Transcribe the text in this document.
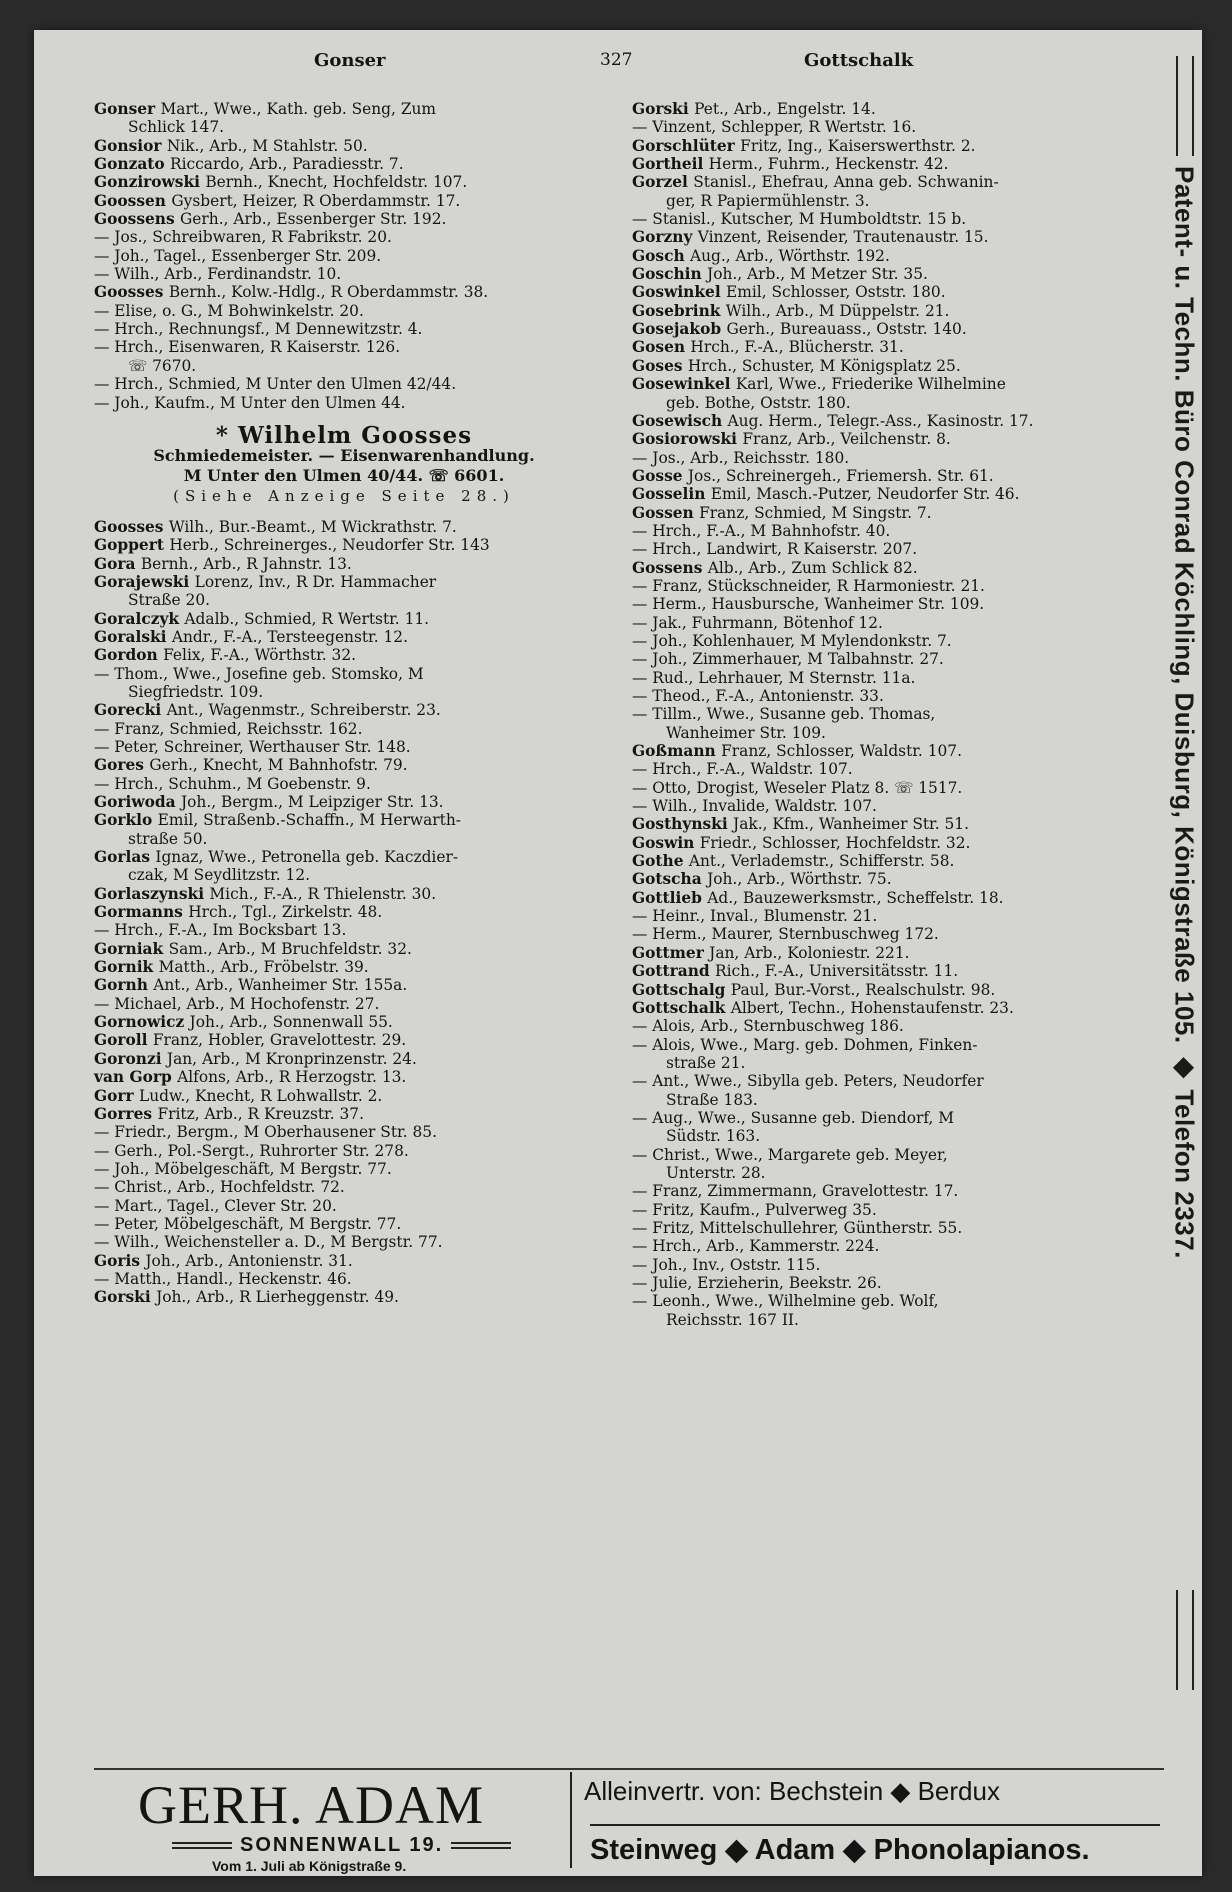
Gonser	327	Gottschalk
Gonser Mart., Wwe., Kath. geb. Seng, Zum
Schlick 147.
Gonsior Nik., Arb., M Stahlstr. 50.
Gonzato Riccardo, Arb., Paradiesstr. 7.
Gonzirowski Bernh., Knecht, Hochfeldstr. 107.
Goossen Gysbert, Heizer, R Oberdammstr. 17.
Goossens Gerh., Arb., Essenberger Str. 192.
— Jos., Schreibwaren, R Fabrikstr. 20.
— Joh., Tagel., Essenberger Str. 209.
— Wilh., Arb., Ferdinandstr. 10.
Goosses Bernh., Kolw.-Hdlg., R Oberdammstr. 38.
— Elise, o. G., M Bohwinkelstr. 20.
— Hrch., Rechnungsf., M Dennewitzstr. 4.
— Hrch., Eisenwaren, R Kaiserstr. 126.
☏ 7670.
— Hrch., Schmied, M Unter den Ulmen 42/44.
— Joh., Kaufm., M Unter den Ulmen 44.
* Wilhelm Goosses
Schmiedemeister. — Eisenwarenhandlung.
M Unter den Ulmen 40/44. ☏ 6601.
(Siehe Anzeige Seite 28.)
Goosses Wilh., Bur.-Beamt., M Wickrathstr. 7.
Goppert Herb., Schreinerges., Neudorfer Str. 143
Gora Bernh., Arb., R Jahnstr. 13.
Gorajewski Lorenz, Inv., R Dr. Hammacher
Straße 20.
Goralczyk Adalb., Schmied, R Wertstr. 11.
Goralski Andr., F.-A., Tersteegenstr. 12.
Gordon Felix, F.-A., Wörthstr. 32.
— Thom., Wwe., Josefine geb. Stomsko, M
Siegfriedstr. 109.
Gorecki Ant., Wagenmstr., Schreiberstr. 23.
— Franz, Schmied, Reichsstr. 162.
— Peter, Schreiner, Werthauser Str. 148.
Gores Gerh., Knecht, M Bahnhofstr. 79.
— Hrch., Schuhm., M Goebenstr. 9.
Goriwoda Joh., Bergm., M Leipziger Str. 13.
Gorklo Emil, Straßenb.-Schaffn., M Herwarth-
straße 50.
Gorlas Ignaz, Wwe., Petronella geb. Kaczdier-
czak, M Seydlitzstr. 12.
Gorlaszynski Mich., F.-A., R Thielenstr. 30.
Gormanns Hrch., Tgl., Zirkelstr. 48.
— Hrch., F.-A., Im Bocksbart 13.
Gorniak Sam., Arb., M Bruchfeldstr. 32.
Gornik Matth., Arb., Fröbelstr. 39.
Gornh Ant., Arb., Wanheimer Str. 155a.
— Michael, Arb., M Hochofenstr. 27.
Gornowicz Joh., Arb., Sonnenwall 55.
Goroll Franz, Hobler, Gravelottestr. 29.
Goronzi Jan, Arb., M Kronprinzenstr. 24.
van Gorp Alfons, Arb., R Herzogstr. 13.
Gorr Ludw., Knecht, R Lohwallstr. 2.
Gorres Fritz, Arb., R Kreuzstr. 37.
— Friedr., Bergm., M Oberhausener Str. 85.
— Gerh., Pol.-Sergt., Ruhrorter Str. 278.
— Joh., Möbelgeschäft, M Bergstr. 77.
— Christ., Arb., Hochfeldstr. 72.
— Mart., Tagel., Clever Str. 20.
— Peter, Möbelgeschäft, M Bergstr. 77.
— Wilh., Weichensteller a. D., M Bergstr. 77.
Goris Joh., Arb., Antonienstr. 31.
— Matth., Handl., Heckenstr. 46.
Gorski Joh., Arb., R Lierheggenstr. 49.
Gorski Pet., Arb., Engelstr. 14.
— Vinzent, Schlepper, R Wertstr. 16.
Gorschlüter Fritz, Ing., Kaiserswerthstr. 2.
Gortheil Herm., Fuhrm., Heckenstr. 42.
Gorzel Stanisl., Ehefrau, Anna geb. Schwanin-
ger, R Papiermühlenstr. 3.
— Stanisl., Kutscher, M Humboldtstr. 15 b.
Gorzny Vinzent, Reisender, Trautenaustr. 15.
Gosch Aug., Arb., Wörthstr. 192.
Goschin Joh., Arb., M Metzer Str. 35.
Goswinkel Emil, Schlosser, Oststr. 180.
Gosebrink Wilh., Arb., M Düppelstr. 21.
Gosejakob Gerh., Bureauass., Oststr. 140.
Gosen Hrch., F.-A., Blücherstr. 31.
Goses Hrch., Schuster, M Königsplatz 25.
Gosewinkel Karl, Wwe., Friederike Wilhelmine
geb. Bothe, Oststr. 180.
Gosewisch Aug. Herm., Telegr.-Ass., Kasinostr. 17.
Gosiorowski Franz, Arb., Veilchenstr. 8.
— Jos., Arb., Reichsstr. 180.
Gosse Jos., Schreinergeh., Friemersh. Str. 61.
Gosselin Emil, Masch.-Putzer, Neudorfer Str. 46.
Gossen Franz, Schmied, M Singstr. 7.
— Hrch., F.-A., M Bahnhofstr. 40.
— Hrch., Landwirt, R Kaiserstr. 207.
Gossens Alb., Arb., Zum Schlick 82.
— Franz, Stückschneider, R Harmoniestr. 21.
— Herm., Hausbursche, Wanheimer Str. 109.
— Jak., Fuhrmann, Bötenhof 12.
— Joh., Kohlenhauer, M Mylendonkstr. 7.
— Joh., Zimmerhauer, M Talbahnstr. 27.
— Rud., Lehrhauer, M Sternstr. 11a.
— Theod., F.-A., Antonienstr. 33.
— Tillm., Wwe., Susanne geb. Thomas,
Wanheimer Str. 109.
Goßmann Franz, Schlosser, Waldstr. 107.
— Hrch., F.-A., Waldstr. 107.
— Otto, Drogist, Weseler Platz 8. ☏ 1517.
— Wilh., Invalide, Waldstr. 107.
Gosthynski Jak., Kfm., Wanheimer Str. 51.
Goswin Friedr., Schlosser, Hochfeldstr. 32.
Gothe Ant., Verlademstr., Schifferstr. 58.
Gotscha Joh., Arb., Wörthstr. 75.
Gottlieb Ad., Bauzewerksmstr., Scheffelstr. 18.
— Heinr., Inval., Blumenstr. 21.
— Herm., Maurer, Sternbuschweg 172.
Gottmer Jan, Arb., Koloniestr. 221.
Gottrand Rich., F.-A., Universitätsstr. 11.
Gottschalg Paul, Bur.-Vorst., Realschulstr. 98.
Gottschalk Albert, Techn., Hohenstaufenstr. 23.
— Alois, Arb., Sternbuschweg 186.
— Alois, Wwe., Marg. geb. Dohmen, Finken-
straße 21.
— Ant., Wwe., Sibylla geb. Peters, Neudorfer
Straße 183.
— Aug., Wwe., Susanne geb. Diendorf, M
Südstr. 163.
— Christ., Wwe., Margarete geb. Meyer,
Unterstr. 28.
— Franz, Zimmermann, Gravelottestr. 17.
— Fritz, Kaufm., Pulverweg 35.
— Fritz, Mittelschullehrer, Güntherstr. 55.
— Hrch., Arb., Kammerstr. 224.
— Joh., Inv., Oststr. 115.
— Julie, Erzieherin, Beekstr. 26.
— Leonh., Wwe., Wilhelmine geb. Wolf,
Reichsstr. 167 II.
Patent- u. Techn. Büro Conrad Köchling, Duisburg, Königstraße 105. ◆ Telefon 2337.
GERH. ADAM
SONNENWALL 19.
Vom 1. Juli ab Königstraße 9.
Alleinvertr. von: Bechstein ◆ Berdux
Steinweg ◆ Adam ◆ Phonolapianos.
